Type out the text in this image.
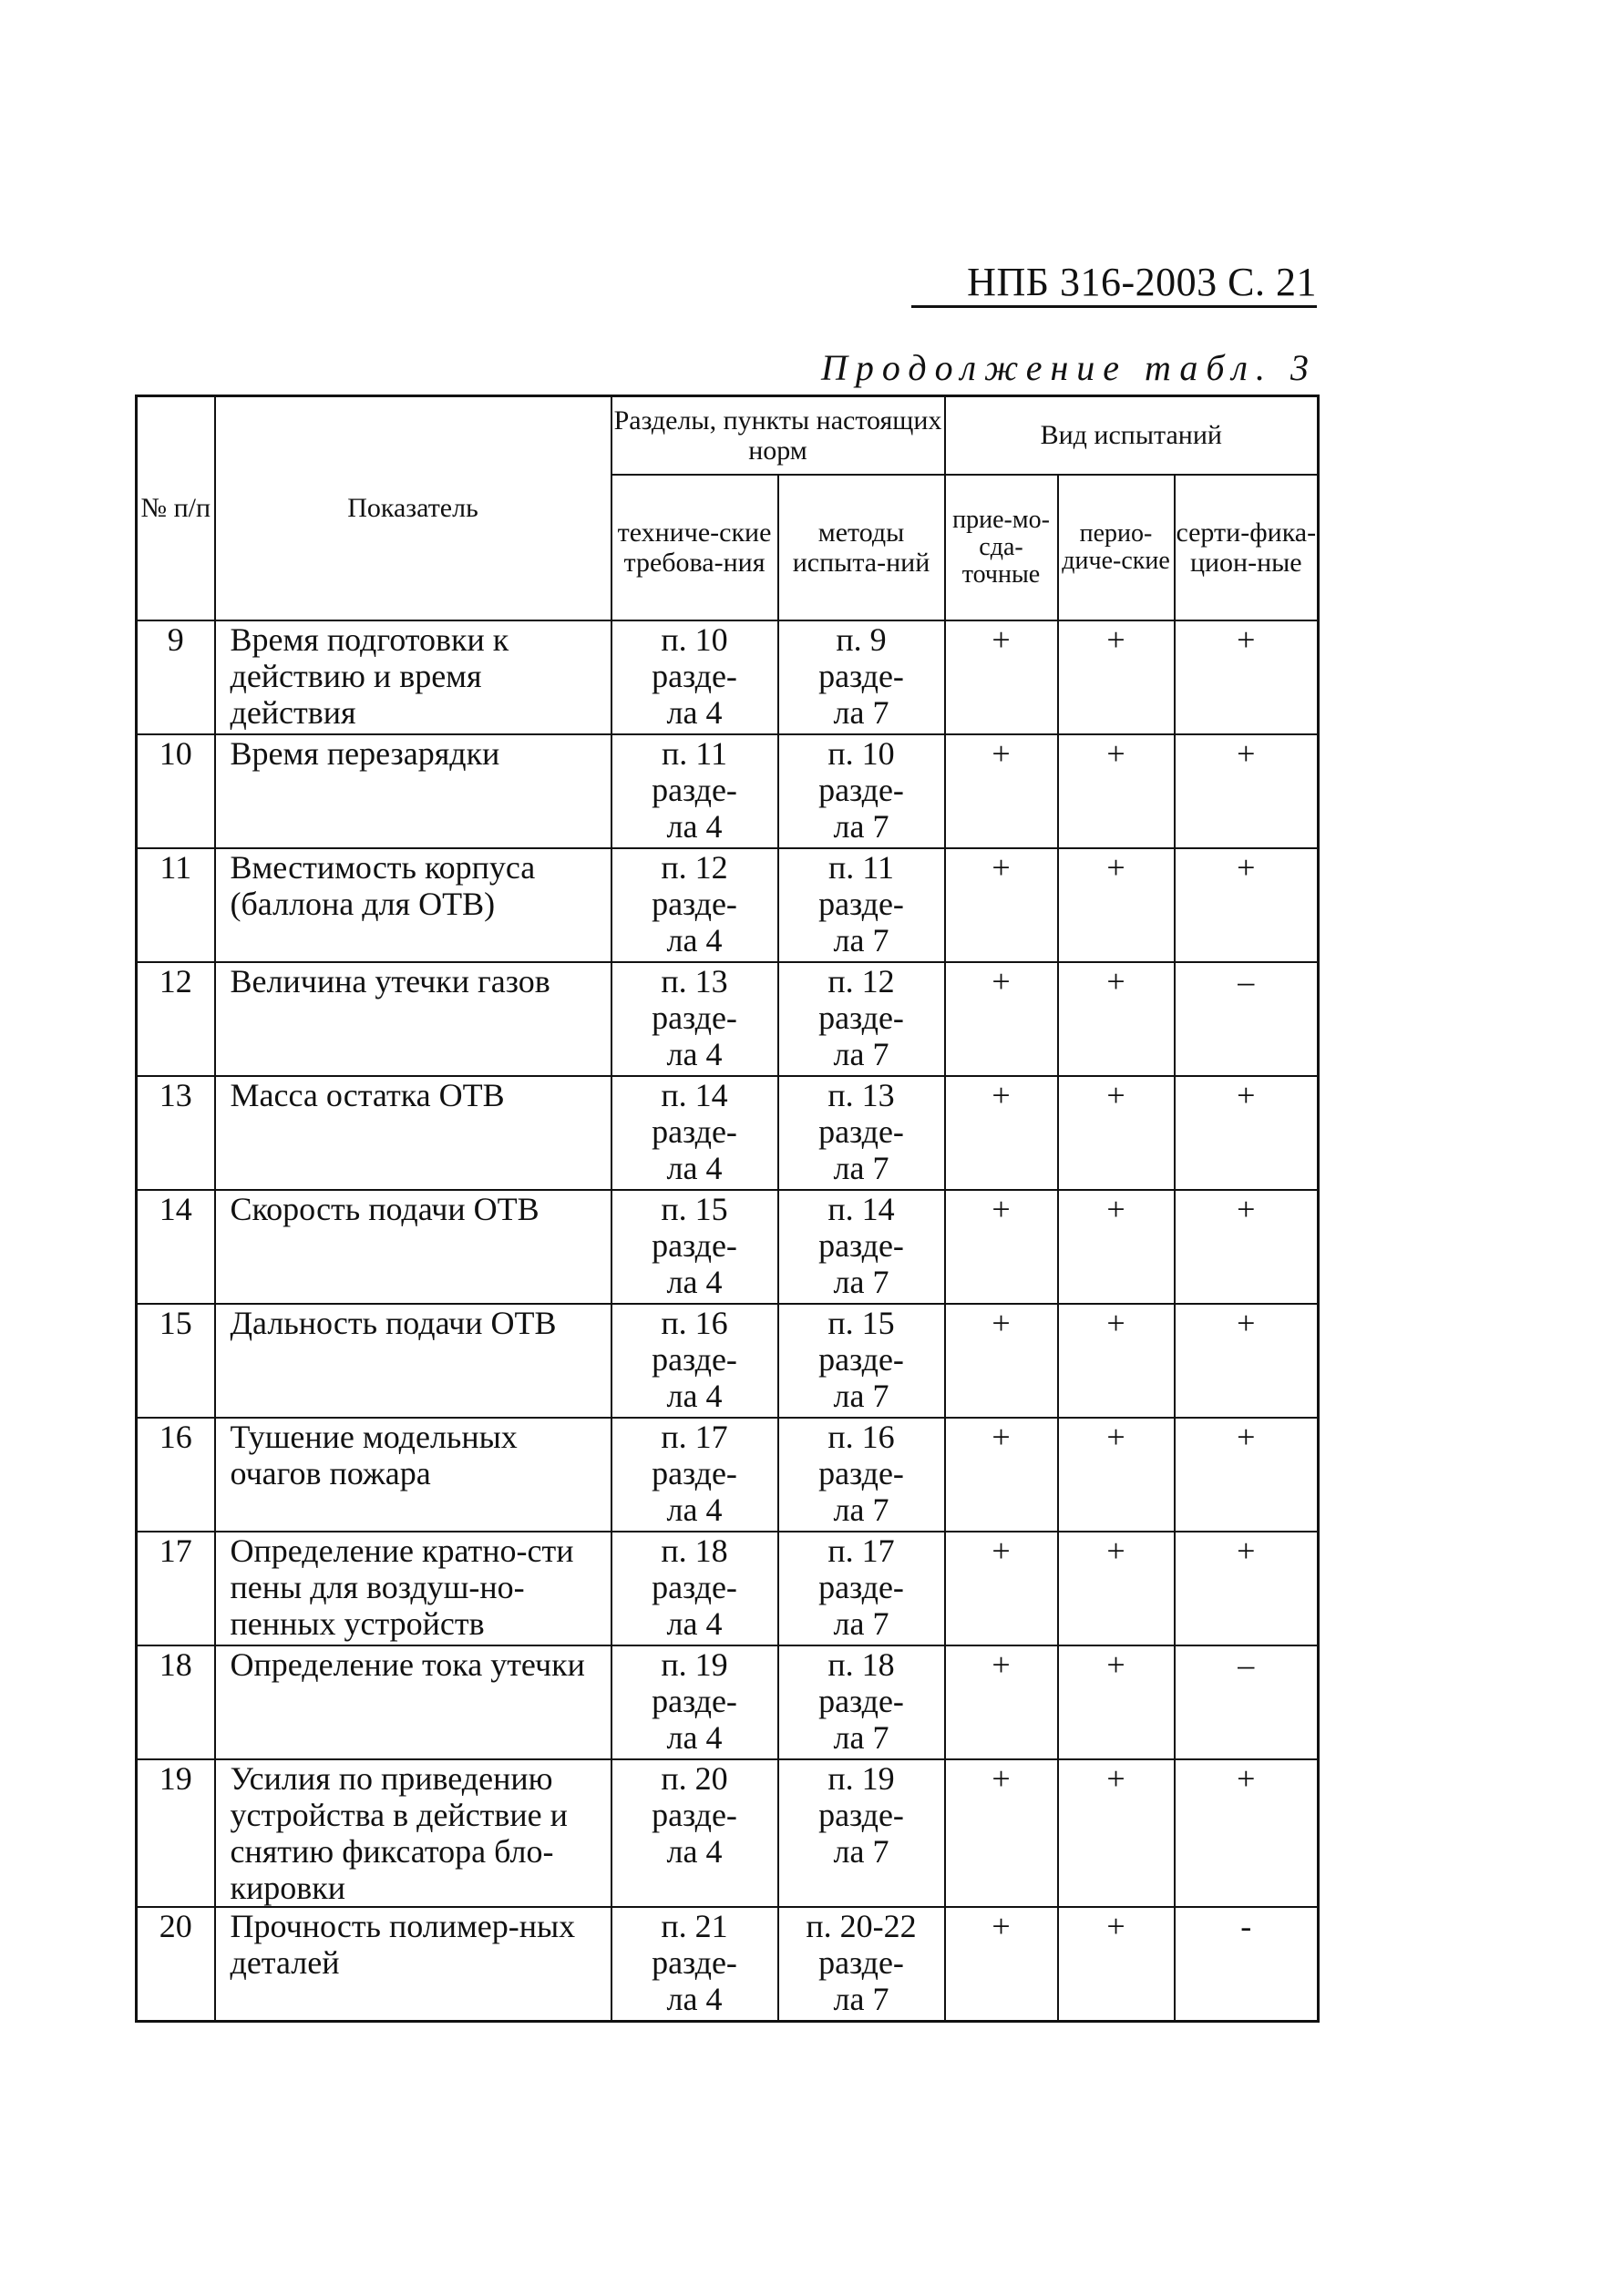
НПБ 316-2003 С. 21
Продолжение табл. 3
№ п/п	Показатель	Разделы, пункты настоящих норм		Вид испытаний		
		техниче-ские требова-ния	методы испыта-ний	прие-мо-сда-точные	перио-диче-ские	серти-фика-цион-ные
9	Время подготовки к действию и время действия	п. 10
разде-
ла 4	п. 9
разде-
ла 7	+	+	+
10	Время перезарядки	п. 11
разде-
ла 4	п. 10
разде-
ла 7	+	+	+
11	Вместимость корпуса (баллона для ОТВ)	п. 12
разде-
ла 4	п. 11
разде-
ла 7	+	+	+
12	Величина утечки газов	п. 13
разде-
ла 4	п. 12
разде-
ла 7	+	+	–
13	Масса остатка ОТВ	п. 14
разде-
ла 4	п. 13
разде-
ла 7	+	+	+
14	Скорость подачи ОТВ	п. 15
разде-
ла 4	п. 14
разде-
ла 7	+	+	+
15	Дальность подачи ОТВ	п. 16
разде-
ла 4	п. 15
разде-
ла 7	+	+	+
16	Тушение модельных очагов пожара	п. 17
разде-
ла 4	п. 16
разде-
ла 7	+	+	+
17	Определение кратно-сти пены для воздуш-но-пенных устройств	п. 18
разде-
ла 4	п. 17
разде-
ла 7	+	+	+
18	Определение тока утечки	п. 19
разде-
ла 4	п. 18
разде-
ла 7	+	+	–
19	Усилия по приведению устройства в действие и снятию фиксатора бло-кировки	п. 20
разде-
ла 4	п. 19
разде-
ла 7	+	+	+
20	Прочность полимер-ных деталей	п. 21
разде-
ла 4	п. 20-22
разде-
ла 7	+	+	-
